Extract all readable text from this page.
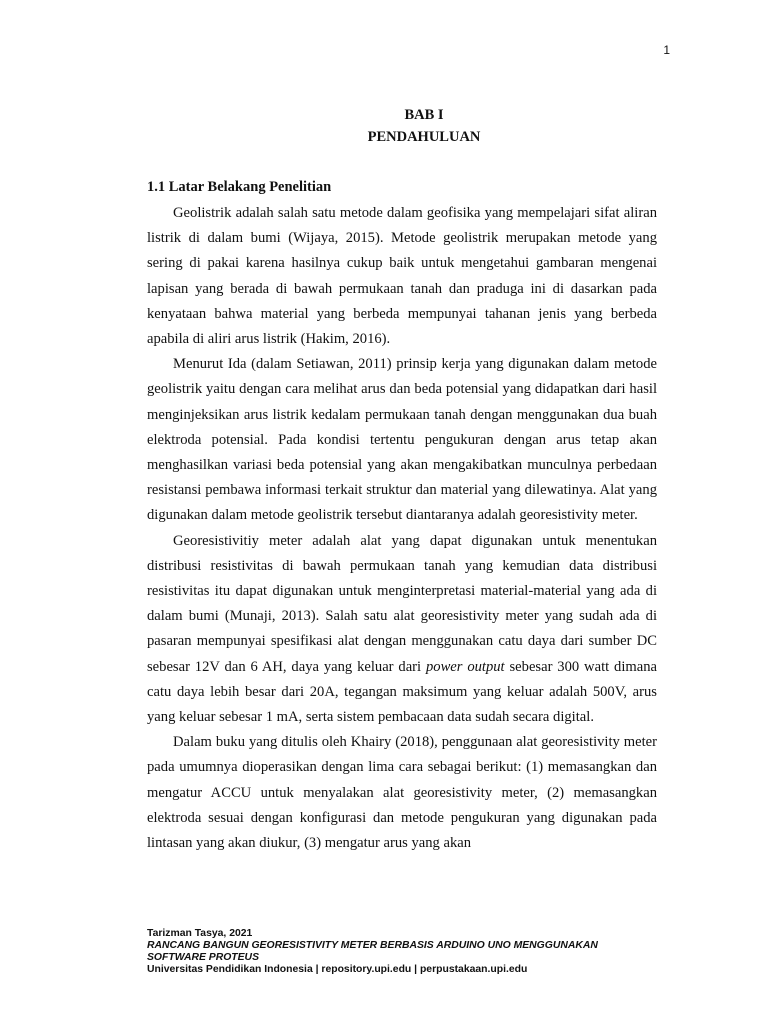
1
BAB I
PENDAHULUAN
1.1 Latar Belakang Penelitian

Geolistrik adalah salah satu metode dalam geofisika yang mempelajari sifat aliran listrik di dalam bumi (Wijaya, 2015). Metode geolistrik merupakan metode yang sering di pakai karena hasilnya cukup baik untuk mengetahui gambaran mengenai lapisan yang berada di bawah permukaan tanah dan praduga ini di dasarkan pada kenyataan bahwa material yang berbeda mempunyai tahanan jenis yang berbeda apabila di aliri arus listrik (Hakim, 2016).

Menurut Ida (dalam Setiawan, 2011) prinsip kerja yang digunakan dalam metode geolistrik yaitu dengan cara melihat arus dan beda potensial yang didapatkan dari hasil menginjeksikan arus listrik kedalam permukaan tanah dengan menggunakan dua buah elektroda potensial. Pada kondisi tertentu pengukuran dengan arus tetap akan menghasilkan variasi beda potensial yang akan mengakibatkan munculnya perbedaan resistansi pembawa informasi terkait struktur dan material yang dilewatinya. Alat yang digunakan dalam metode geolistrik tersebut diantaranya adalah georesistivity meter.

Georesistivitiy meter adalah alat yang dapat digunakan untuk menentukan distribusi resistivitas di bawah permukaan tanah yang kemudian data distribusi resistivitas itu dapat digunakan untuk menginterpretasi material-material yang ada di dalam bumi (Munaji, 2013). Salah satu alat georesistivity meter yang sudah ada di pasaran mempunyai spesifikasi alat dengan menggunakan catu daya dari sumber DC sebesar 12V dan 6 AH, daya yang keluar dari power output sebesar 300 watt dimana catu daya lebih besar dari 20A, tegangan maksimum yang keluar adalah 500V, arus yang keluar sebesar 1 mA, serta sistem pembacaan data sudah secara digital.

Dalam buku yang ditulis oleh Khairy (2018), penggunaan alat georesistivity meter pada umumnya dioperasikan dengan lima cara sebagai berikut: (1) memasangkan dan mengatur ACCU untuk menyalakan alat georesistivity meter, (2) memasangkan elektroda sesuai dengan konfigurasi dan metode pengukuran yang digunakan pada lintasan yang akan diukur, (3) mengatur arus yang akan

Tarizman Tasya, 2021
RANCANG BANGUN GEORESISTIVITY METER BERBASIS ARDUINO UNO MENGGUNAKAN
SOFTWARE PROTEUS
Universitas Pendidikan Indonesia | repository.upi.edu | perpustakaan.upi.edu
